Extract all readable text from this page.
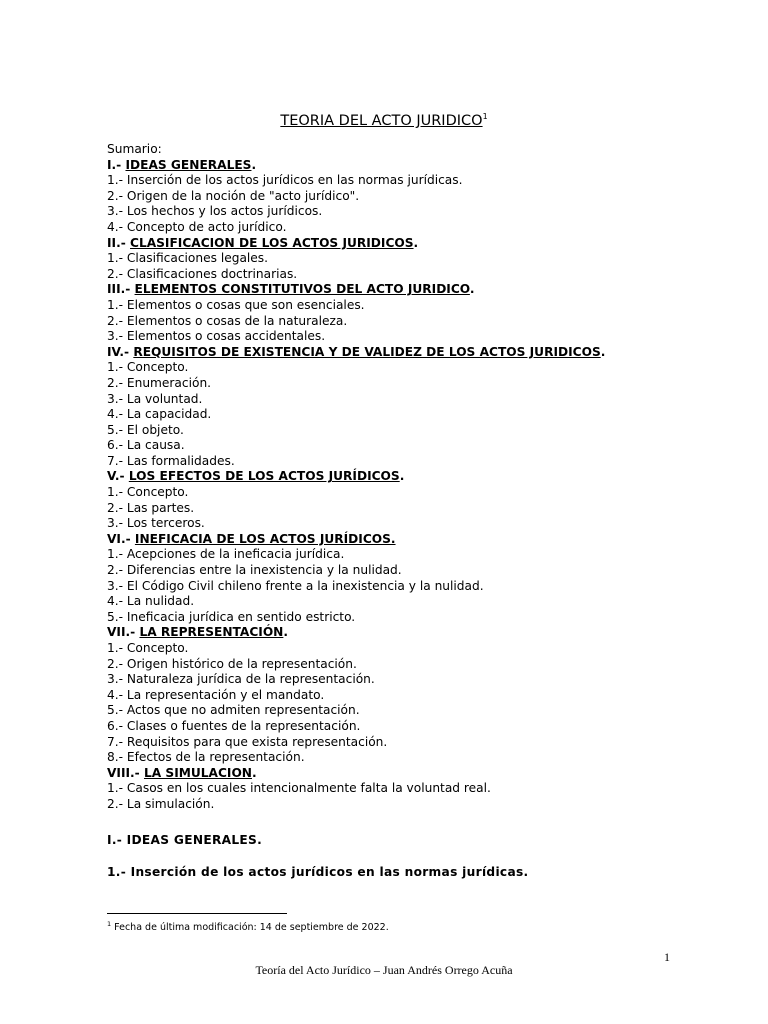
TEORIA DEL ACTO JURIDICO$^1$
Sumario:
I.- IDEAS GENERALES.
1.- Inserción de los actos jurídicos en las normas jurídicas.
2.- Origen de la noción de "acto jurídico".
3.- Los hechos y los actos jurídicos.
4.- Concepto de acto jurídico.
II.- CLASIFICACION DE LOS ACTOS JURIDICOS.
1.- Clasificaciones legales.
2.- Clasificaciones doctrinarias.
III.- ELEMENTOS CONSTITUTIVOS DEL ACTO JURIDICO.
1.- Elementos o cosas que son esenciales.
2.- Elementos o cosas de la naturaleza.
3.- Elementos o cosas accidentales.
IV.- REQUISITOS DE EXISTENCIA Y DE VALIDEZ DE LOS ACTOS JURIDICOS.
1.- Concepto.
2.- Enumeración.
3.- La voluntad.
4.- La capacidad.
5.- El objeto.
6.- La causa.
7.- Las formalidades.
V.- LOS EFECTOS DE LOS ACTOS JURÍDICOS.
1.- Concepto.
2.- Las partes.
3.- Los terceros.
VI.- INEFICACIA DE LOS ACTOS JURÍDICOS.
1.- Acepciones de la ineficacia jurídica.
2.- Diferencias entre la inexistencia y la nulidad.
3.- El Código Civil chileno frente a la inexistencia y la nulidad.
4.- La nulidad.
5.- Ineficacia jurídica en sentido estricto.
VII.- LA REPRESENTACIÓN.
1.- Concepto.
2.- Origen histórico de la representación.
3.- Naturaleza jurídica de la representación.
4.- La representación y el mandato.
5.- Actos que no admiten representación.
6.- Clases o fuentes de la representación.
7.- Requisitos para que exista representación.
8.- Efectos de la representación.
VIII.- LA SIMULACION.
1.- Casos en los cuales intencionalmente falta la voluntad real.
2.- La simulación.
I.- IDEAS GENERALES.
1.- Inserción de los actos jurídicos en las normas jurídicas.
$^1$ Fecha de última modificación: 14 de septiembre de 2022.
1
Teoría del Acto Jurídico – Juan Andrés Orrego Acuña
